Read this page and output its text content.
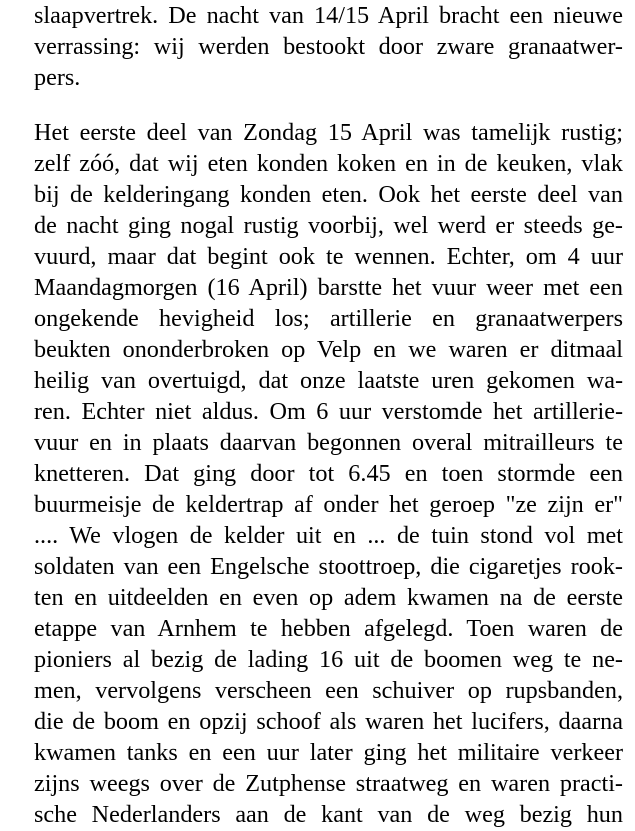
slaapvertrek. De nacht van 14/15 April bracht een nieuwe
verrassing: wij werden bestookt door zware granaatwer-
pers.
Het eerste deel van Zondag 15 April was tamelijk rustig;
zelf zóó, dat wij eten konden koken en in de keuken, vlak
bij de kelderingang konden eten. Ook het eerste deel van
de nacht ging nogal rustig voorbij, wel werd er steeds ge-
vuurd, maar dat begint ook te wennen. Echter, om 4 uur
Maandagmorgen (16 April) barstte het vuur weer met een
ongekende hevigheid los; artillerie en granaatwerpers
beukten ononderbroken op Velp en we waren er ditmaal
heilig van overtuigd, dat onze laatste uren gekomen wa-
ren. Echter niet aldus. Om 6 uur verstomde het artillerie-
vuur en in plaats daarvan begonnen overal mitrailleurs te
knetteren. Dat ging door tot 6.45 en toen stormde een
buurmeisje de keldertrap af onder het geroep "ze zijn er"
.... We vlogen de kelder uit en ... de tuin stond vol met
soldaten van een Engelsche stoottroep, die cigaretjes rook-
ten en uitdeelden en even op adem kwamen na de eerste
etappe van Arnhem te hebben afgelegd. Toen waren de
pioniers al bezig de lading 16 uit de boomen weg te ne-
men, vervolgens verscheen een schuiver op rupsbanden,
die de boom en opzij schoof als waren het lucifers, daarna
kwamen tanks en een uur later ging het militaire verkeer
zijns weegs over de Zutphense straatweg en waren practi-
sche Nederlanders aan de kant van de weg bezig hun
